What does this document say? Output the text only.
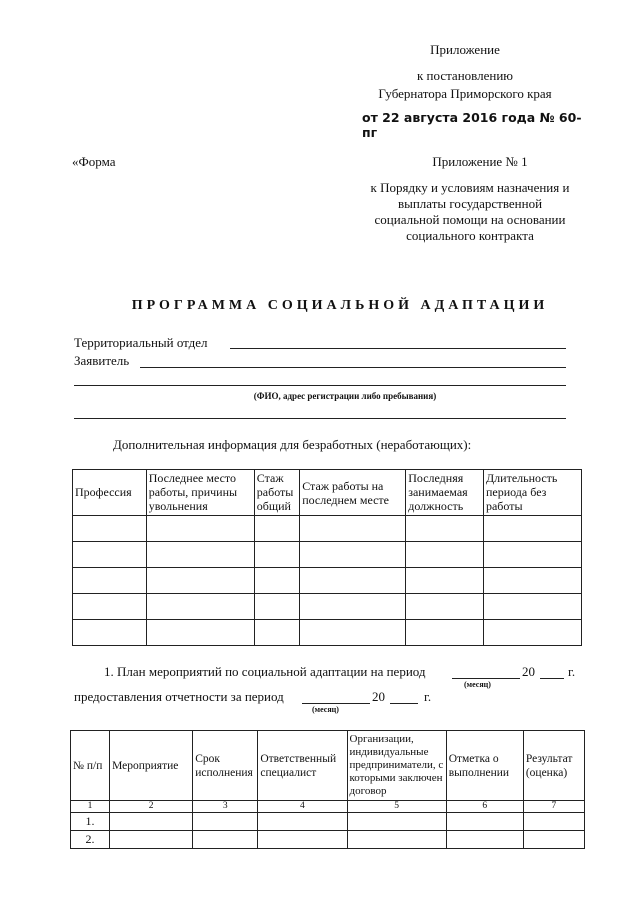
Приложение
к постановлению
Губернатора Приморского края
от 22 августа 2016 года № 60-пг
«Форма	Приложение № 1
к Порядку и условиям назначения и
выплаты государственной
социальной помощи на основании
социального контракта
ПРОГРАММА СОЦИАЛЬНОЙ АДАПТАЦИИ
Территориальный отдел
Заявитель
(ФИО, адрес регистрации либо пребывания)
Дополнительная информация для безработных (неработающих):
Профессия	Последнее место работы, причины увольнения	Стаж работы общий	Стаж работы на последнем месте	Последняя занимаемая должность	Длительность периода без работы

1. План мероприятий по социальной адаптации на период	20	г.
(месяц)
предоставления отчетности за период	20	г.
(месяц)
№ п/п	Мероприятие	Срок исполнения	Ответственный специалист	Организации, индивидуальные предприниматели, с которыми заключен договор	Отметка о выполнении	Результат (оценка)
1	2	3	4	5	6	7
1.						
2.						
